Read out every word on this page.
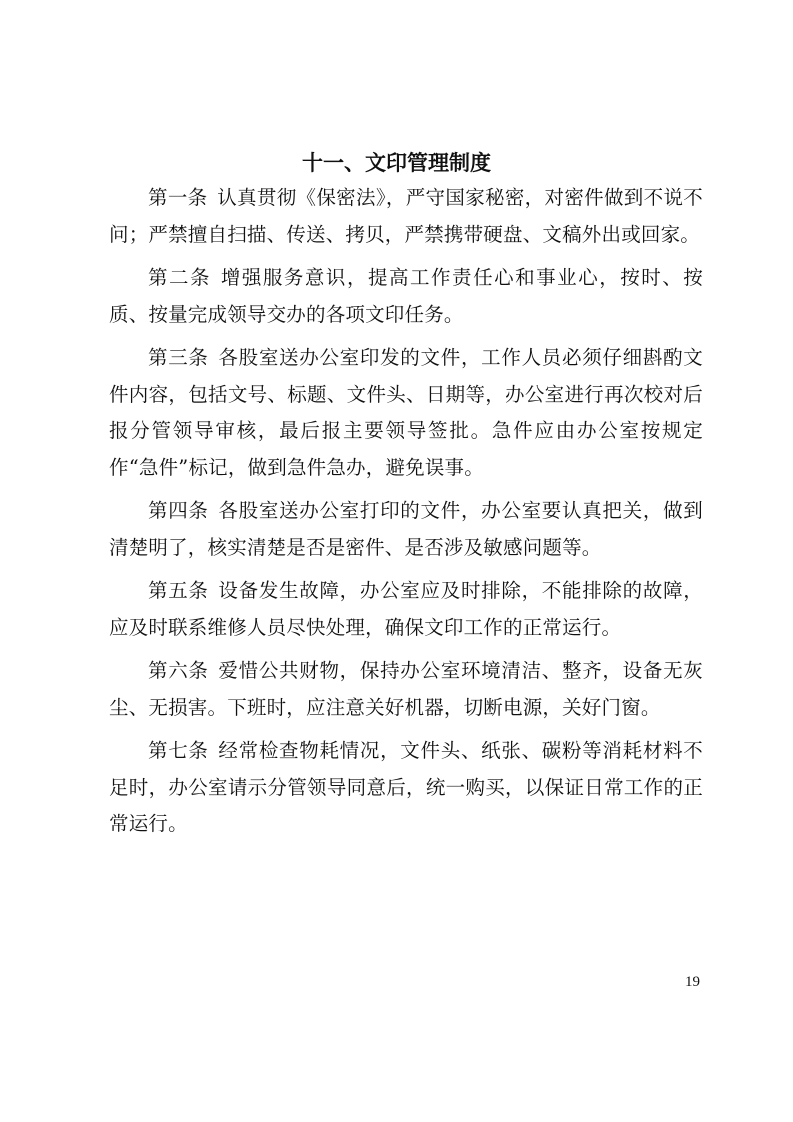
十一、文印管理制度

第一条 认真贯彻《保密法》，严守国家秘密，对密件做到不说不问；严禁擅自扫描、传送、拷贝，严禁携带硬盘、文稿外出或回家。

第二条 增强服务意识，提高工作责任心和事业心，按时、按质、按量完成领导交办的各项文印任务。

第三条 各股室送办公室印发的文件，工作人员必须仔细斟酌文件内容，包括文号、标题、文件头、日期等，办公室进行再次校对后报分管领导审核，最后报主要领导签批。急件应由办公室按规定作“急件”标记，做到急件急办，避免误事。

第四条 各股室送办公室打印的文件，办公室要认真把关，做到清楚明了，核实清楚是否是密件、是否涉及敏感问题等。

第五条 设备发生故障，办公室应及时排除，不能排除的故障，应及时联系维修人员尽快处理，确保文印工作的正常运行。

第六条 爱惜公共财物，保持办公室环境清洁、整齐，设备无灰尘、无损害。下班时，应注意关好机器，切断电源，关好门窗。

第七条 经常检查物耗情况，文件头、纸张、碳粉等消耗材料不足时，办公室请示分管领导同意后，统一购买，以保证日常工作的正常运行。

19
